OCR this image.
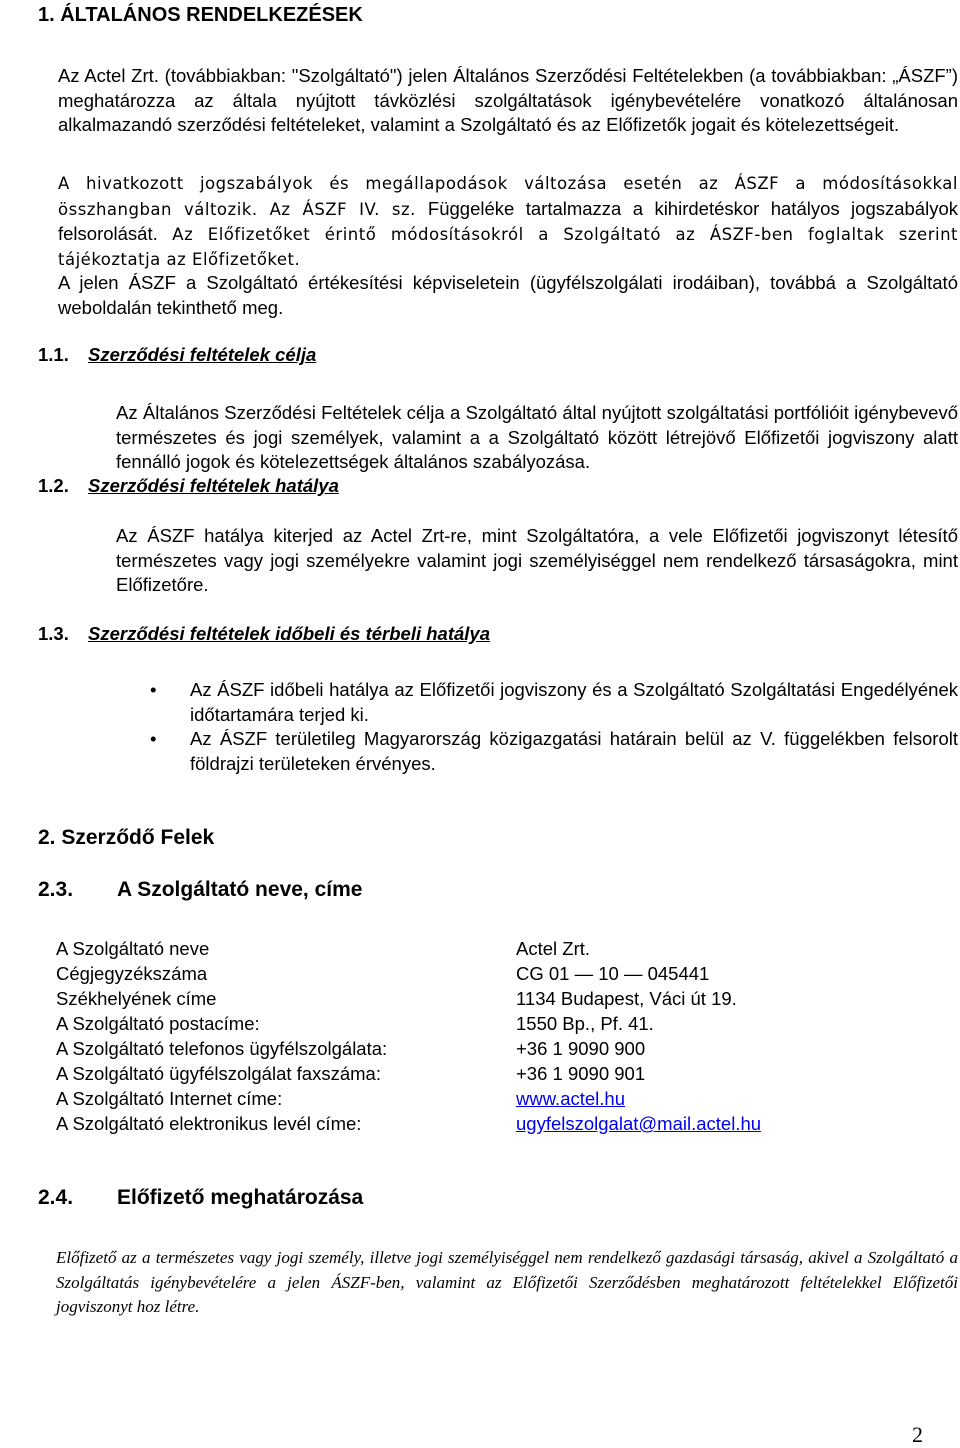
1. ÁLTALÁNOS RENDELKEZÉSEK

Az Actel Zrt. (továbbiakban: "Szolgáltató") jelen Általános Szerződési Feltételekben (a továbbiakban: „ÁSZF”) meghatározza az általa nyújtott távközlési szolgáltatások igénybevételére vonatkozó általánosan alkalmazandó szerződési feltételeket, valamint a Szolgáltató és az Előfizetők jogait és kötelezettségeit.

A hivatkozott jogszabályok és megállapodások változása esetén az ÁSZF a módosításokkal összhangban változik. Az ÁSZF IV. sz. Függeléke tartalmazza a kihirdetéskor hatályos jogszabályok felsorolását. Az Előfizetőket érintő módosításokról a Szolgáltató az ÁSZF-ben foglaltak szerint tájékoztatja az Előfizetőket.

A jelen ÁSZF a Szolgáltató értékesítési képviseletein (ügyfélszolgálati irodáiban), továbbá a Szolgáltató weboldalán tekinthető meg.

1.1. Szerződési feltételek célja

Az Általános Szerződési Feltételek célja a Szolgáltató által nyújtott szolgáltatási portfólióit igénybevevő természetes és jogi személyek, valamint a a Szolgáltató között létrejövő Előfizetői jogviszony alatt fennálló jogok és kötelezettségek általános szabályozása.

1.2. Szerződési feltételek hatálya

Az ÁSZF hatálya kiterjed az Actel Zrt-re, mint Szolgáltatóra, a vele Előfizetői jogviszonyt létesítő természetes vagy jogi személyekre valamint jogi személyiséggel nem rendelkező társaságokra, mint Előfizetőre.

1.3. Szerződési feltételek időbeli és térbeli hatálya
• Az ÁSZF időbeli hatálya az Előfizetői jogviszony és a Szolgáltató Szolgáltatási Engedélyének időtartamára terjed ki.
• Az ÁSZF területileg Magyarország közigazgatási határain belül az V. függelékben felsorolt földrajzi területeken érvényes.
2. Szerződő Felek
2.3. A Szolgáltató neve, címe
A Szolgáltató neve	Actel Zrt.
Cégjegyzékszáma	CG 01 — 10 — 045441
Székhelyének címe	1134 Budapest, Váci út 19.
A Szolgáltató postacíme:	1550 Bp., Pf. 41.
A Szolgáltató telefonos ügyfélszolgálata:	+36 1 9090 900
A Szolgáltató ügyfélszolgálat faxszáma:	+36 1 9090 901
A Szolgáltató Internet címe:	www.actel.hu
A Szolgáltató elektronikus levél címe:	ugyfelszolgalat@mail.actel.hu
2.4. Előfizető meghatározása

Előfizető az a természetes vagy jogi személy, illetve jogi személyiséggel nem rendelkező gazdasági társaság, akivel a Szolgáltató a Szolgáltatás igénybevételére a jelen ÁSZF-ben, valamint az Előfizetői Szerződésben meghatározott feltételekkel Előfizetői jogviszonyt hoz létre.

2
